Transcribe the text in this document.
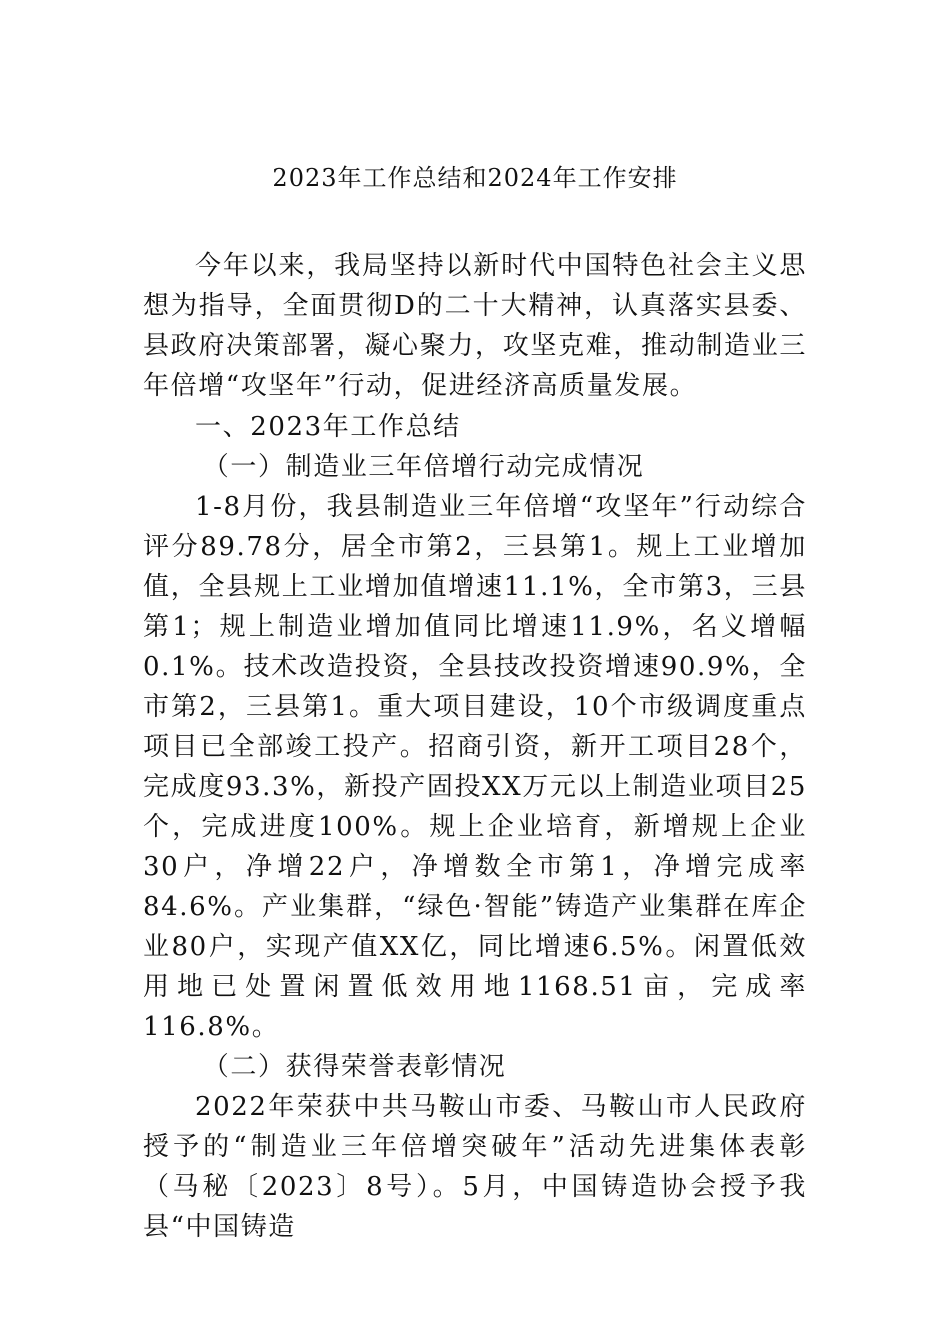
2023年工作总结和2024年工作安排

今年以来，我局坚持以新时代中国特色社会主义思想为指导，全面贯彻D的二十大精神，认真落实县委、县政府决策部署，凝心聚力，攻坚克难，推动制造业三年倍增“攻坚年”行动，促进经济高质量发展。

一、2023年工作总结

（一）制造业三年倍增行动完成情况

1-8月份，我县制造业三年倍增“攻坚年”行动综合评分89.78分，居全市第2，三县第1。规上工业增加值，全县规上工业增加值增速11.1%，全市第3，三县第1；规上制造业增加值同比增速11.9%，名义增幅0.1%。技术改造投资，全县技改投资增速90.9%，全市第2，三县第1。重大项目建设，10个市级调度重点项目已全部竣工投产。招商引资，新开工项目28个，完成度93.3%，新投产固投XX万元以上制造业项目25个，完成进度100%。规上企业培育，新增规上企业30户，净增22户，净增数全市第1，净增完成率84.6%。产业集群，“绿色·智能”铸造产业集群在库企业80户，实现产值XX亿，同比增速6.5%。闲置低效用地已处置闲置低效用地1168.51亩，完成率116.8%。

（二）获得荣誉表彰情况

2022年荣获中共马鞍山市委、马鞍山市人民政府授予的“制造业三年倍增突破年”活动先进集体表彰（马秘〔2023〕8号）。5月，中国铸造协会授予我县“中国铸造
